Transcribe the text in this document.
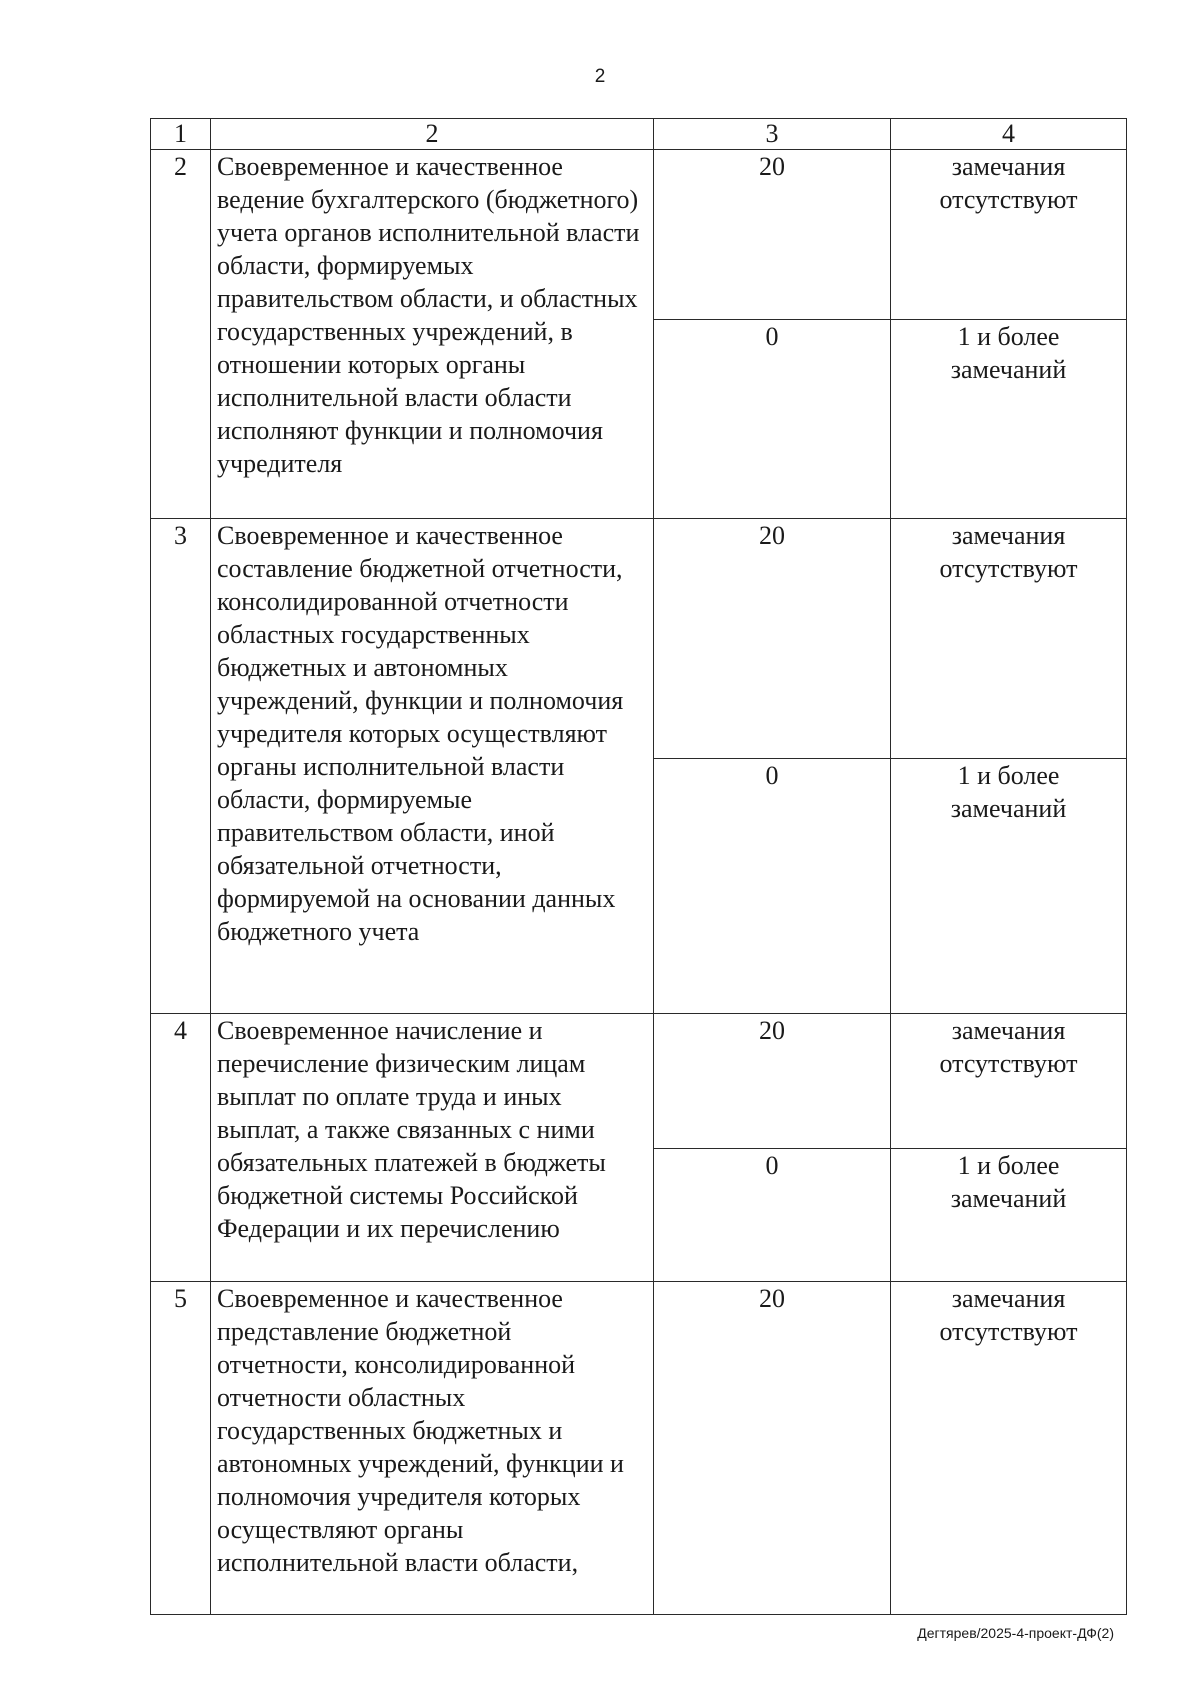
2
1	2	3	4
2	Своевременное и качественное ведение бухгалтерского (бюджетного) учета органов исполнительной власти области, формируемых правительством области, и областных государственных учреждений, в отношении которых органы исполнительной власти области исполняют функции и полномочия учредителя	20	замечания отсутствуют
		0	1 и более замечаний
3	Своевременное и качественное составление бюджетной отчетности, консолидированной отчетности областных государственных бюджетных и автономных учреждений, функции и полномочия учредителя которых осуществляют органы исполнительной власти области, формируемые правительством области, иной обязательной отчетности, формируемой на основании данных бюджетного учета	20	замечания отсутствуют
		0	1 и более замечаний
4	Своевременное начисление и перечисление физическим лицам выплат по оплате труда и иных выплат, а также связанных с ними обязательных платежей в бюджеты бюджетной системы Российской Федерации и их перечислению	20	замечания отсутствуют
		0	1 и более замечаний
5	Своевременное и качественное представление бюджетной отчетности, консолидированной отчетности областных государственных бюджетных и автономных учреждений, функции и полномочия учредителя которых осуществляют органы исполнительной власти области,	20	замечания отсутствуют
Дегтярев/2025-4-проект-ДФ(2)
